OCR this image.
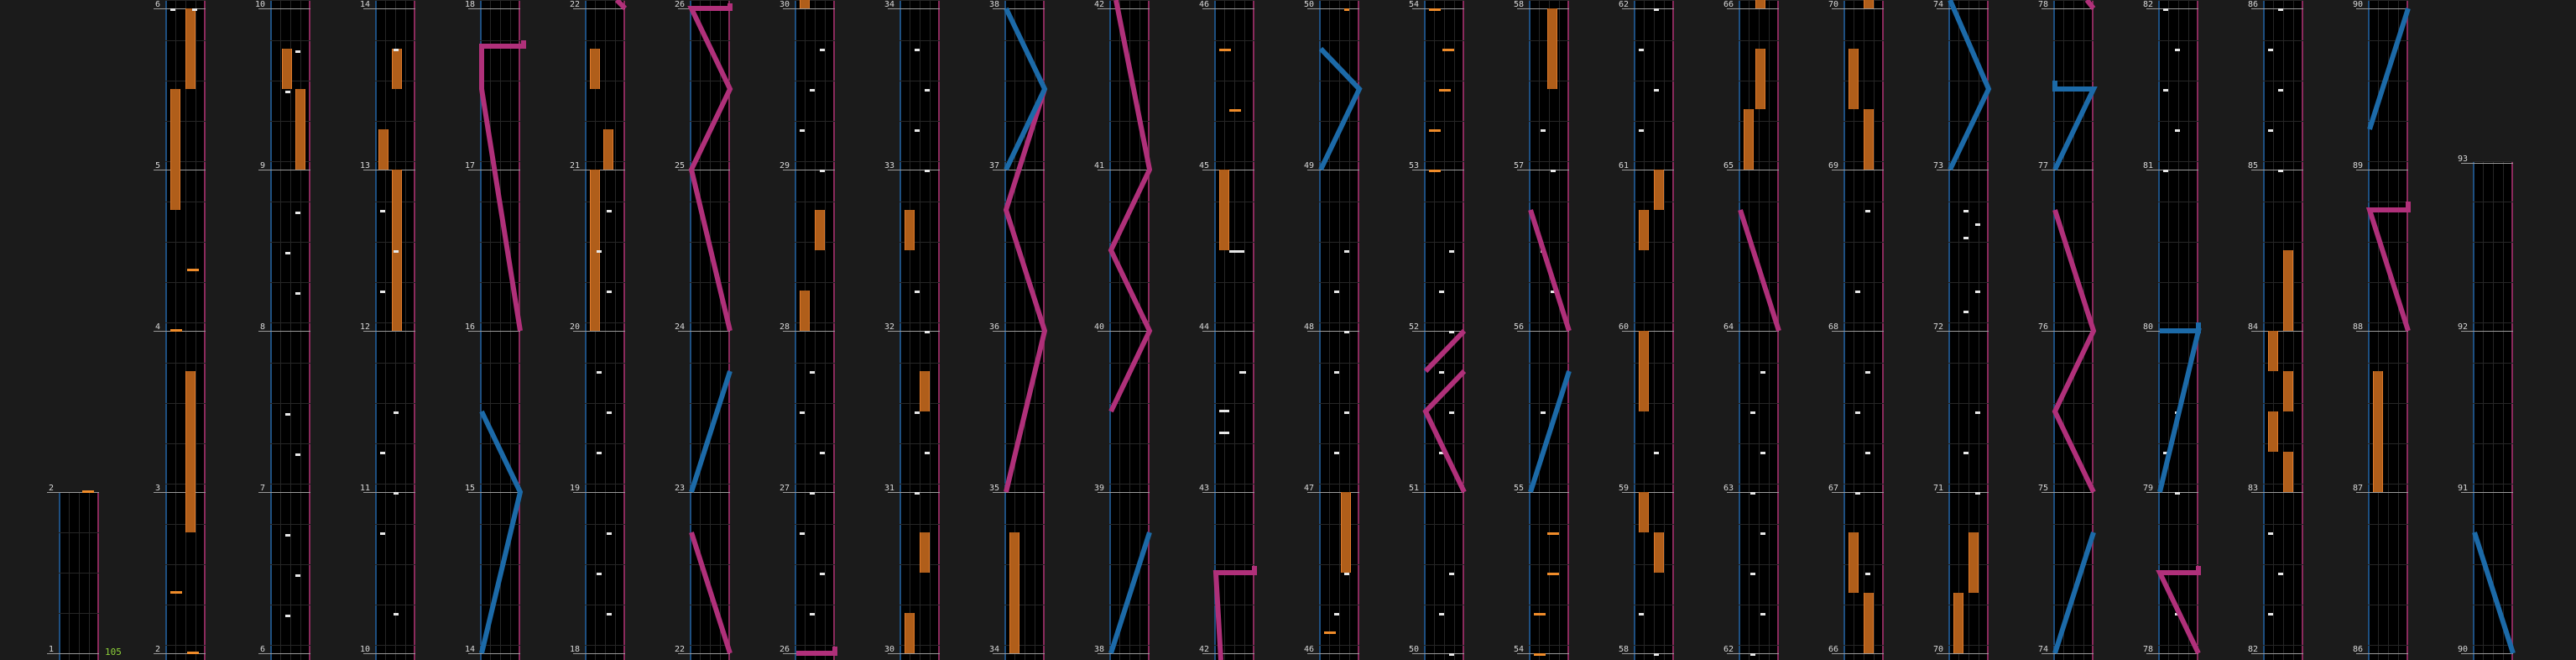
105
1
2
2
3
4
5
6
6
7
8
9
10
10
11
12
13
14
14
15
16
17
18
18
19
20
21
22
22
23
24
25
26
26
27
28
29
30
30
31
32
33
34
34
35
36
37
38
38
39
40
41
42
42
43
44
45
46
46
47
48
49
50
50
51
52
53
54
54
55
56
57
58
58
59
60
61
62
62
63
64
65
66
66
67
68
69
70
70
71
72
73
74
74
75
76
77
78
78
79
80
81
82
82
83
84
85
86
86
87
88
89
90
90
91
92
93
